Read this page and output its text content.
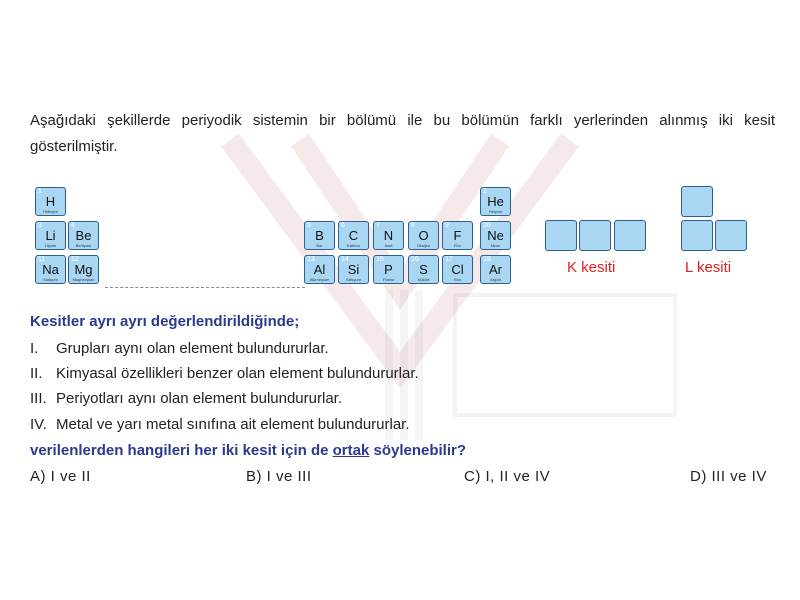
Aşağıdaki şekillerde periyodik sistemin bir bölümü ile bu bölümün farklı yerlerinden alınmış iki kesit gösterilmiştir.
1
H
Hidrojen
2
He
Helyum
3
Li
Lityum
4
Be
Berilyum
5
B
Bor
6
C
Karbon
7
N
Azot
8
O
Oksijen
9
F
Flor
10
Ne
Neon
11
Na
Sodyum
12
Mg
Magnezyum
13
Al
Alüminyum
14
Si
Silisyum
15
P
Fosfor
16
S
Kükürt
17
Cl
Klor
18
Ar
Argon
K kesiti	L kesiti
Kesitler ayrı ayrı değerlendirildiğinde;
I. Grupları aynı olan element bulundururlar.
II. Kimyasal özellikleri benzer olan element bulundururlar.
III. Periyotları aynı olan element bulundururlar.
IV. Metal ve yarı metal sınıfına ait element bulundururlar.
verilenlerden hangileri her iki kesit için de ortak söylenebilir?
A) I ve II	B) I ve III	C) I, II ve IV	D) III ve IV
